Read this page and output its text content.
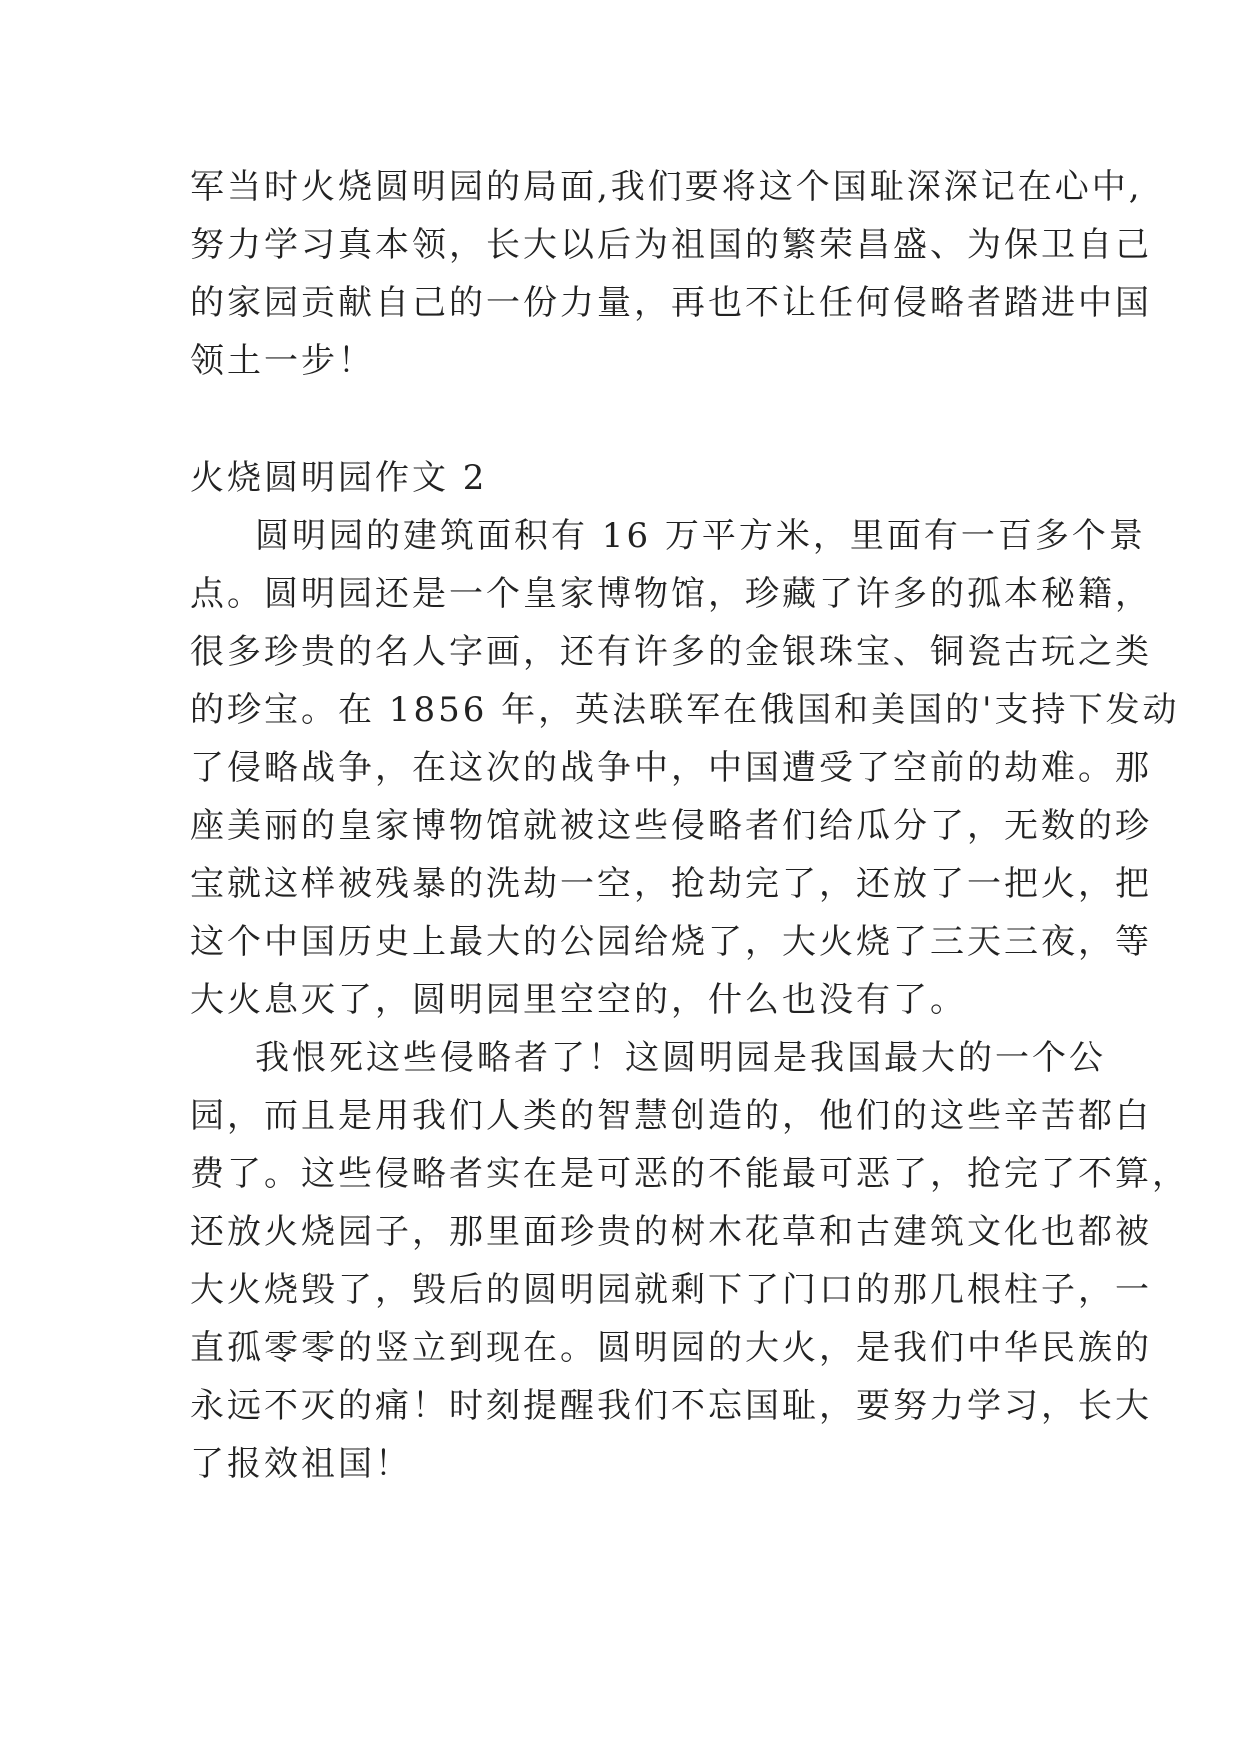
军当时火烧圆明园的局面,我们要将这个国耻深深记在心中,
努力学习真本领，长大以后为祖国的繁荣昌盛、为保卫自己
的家园贡献自己的一份力量，再也不让任何侵略者踏进中国
领土一步！
火烧圆明园作文 2
圆明园的建筑面积有 16 万平方米，里面有一百多个景
点。圆明园还是一个皇家博物馆，珍藏了许多的孤本秘籍，
很多珍贵的名人字画，还有许多的金银珠宝、铜瓷古玩之类
的珍宝。在 1856 年，英法联军在俄国和美国的'支持下发动
了侵略战争，在这次的战争中，中国遭受了空前的劫难。那
座美丽的皇家博物馆就被这些侵略者们给瓜分了，无数的珍
宝就这样被残暴的洗劫一空，抢劫完了，还放了一把火，把
这个中国历史上最大的公园给烧了，大火烧了三天三夜，等
大火息灭了，圆明园里空空的，什么也没有了。
我恨死这些侵略者了！这圆明园是我国最大的一个公
园，而且是用我们人类的智慧创造的，他们的这些辛苦都白
费了。这些侵略者实在是可恶的不能最可恶了，抢完了不算，
还放火烧园子，那里面珍贵的树木花草和古建筑文化也都被
大火烧毁了，毁后的圆明园就剩下了门口的那几根柱子，一
直孤零零的竖立到现在。圆明园的大火，是我们中华民族的
永远不灭的痛！时刻提醒我们不忘国耻，要努力学习，长大
了报效祖国！
